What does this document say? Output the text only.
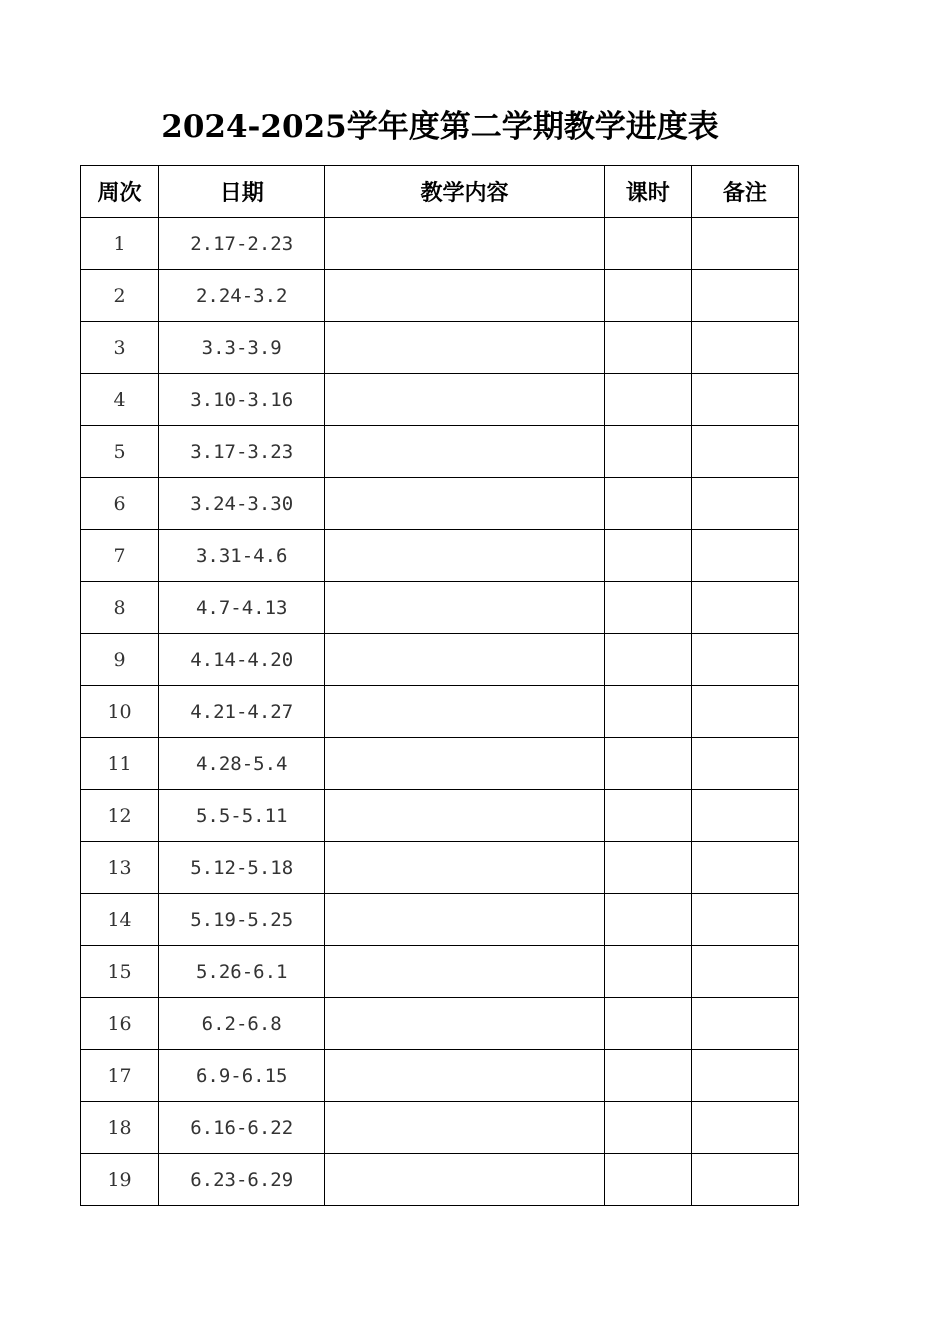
2024-2025学年度第二学期教学进度表
周次	日期	教学内容	课时	备注
1	2.17-2.23			
2	2.24-3.2			
3	3.3-3.9			
4	3.10-3.16			
5	3.17-3.23			
6	3.24-3.30			
7	3.31-4.6			
8	4.7-4.13			
9	4.14-4.20			
10	4.21-4.27			
11	4.28-5.4			
12	5.5-5.11			
13	5.12-5.18			
14	5.19-5.25			
15	5.26-6.1			
16	6.2-6.8			
17	6.9-6.15			
18	6.16-6.22			
19	6.23-6.29			
